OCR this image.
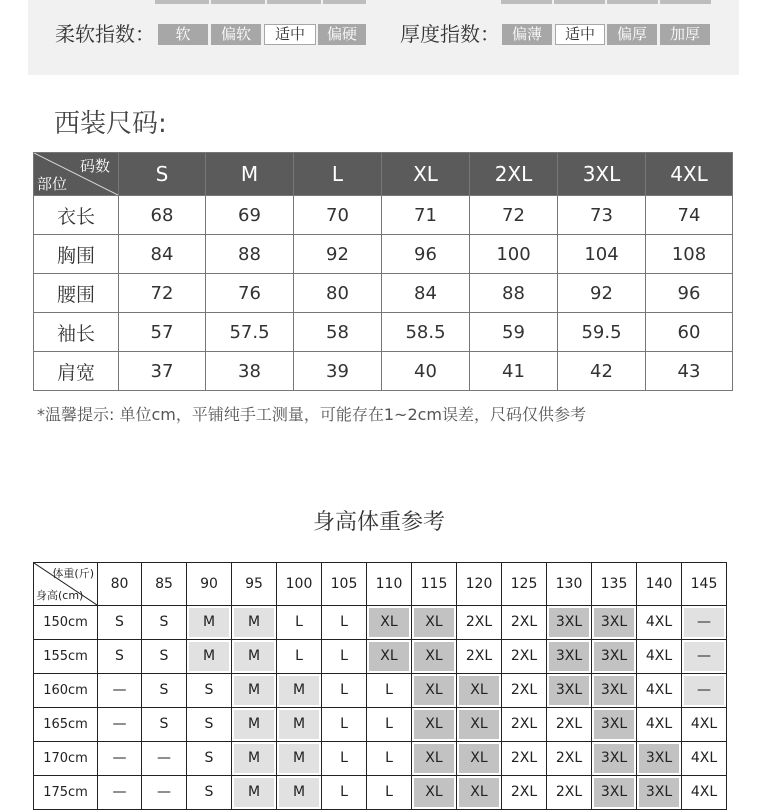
柔软指数：	软	偏软	适中	偏硬	厚度指数： 偏薄	适中	偏厚	加厚
西装尺码:
码数
部位	S	M	L	XL	2XL	3XL	4XL
衣长	68	69	70	71	72	73	74
胸围	84	88	92	96	100	104	108
腰围	72	76	80	84	88	92	96
袖长	57	57.5	58	58.5	59	59.5	60
肩宽	37	38	39	40	41	42	43
*温馨提示: 单位cm，平铺纯手工测量，可能存在1~2cm误差，尺码仅供参考
身高体重参考
体重(斤)
身高(cm)	80	85	90	95	100	105	110	115	120	125	130	135	140	145
150cm	S	S	M	M	L	L	XL	XL	2XL	2XL	3XL	3XL	4XL	—

155cm	S	S	M	M	L	L	XL	XL	2XL	2XL	3XL	3XL	4XL	—

160cm	—	S	S	M	M	L	L	XL	XL	2XL	3XL	3XL	4XL	—

165cm	—	S	S	M	M	L	L	XL	XL	2XL	2XL	3XL	4XL	4XL

170cm	—	—	S	M	M	L	L	XL	XL	2XL	2XL	3XL	3XL	4XL

175cm	—	—	S	M	M	L	L	XL	XL	2XL	2XL	3XL	3XL	4XL
